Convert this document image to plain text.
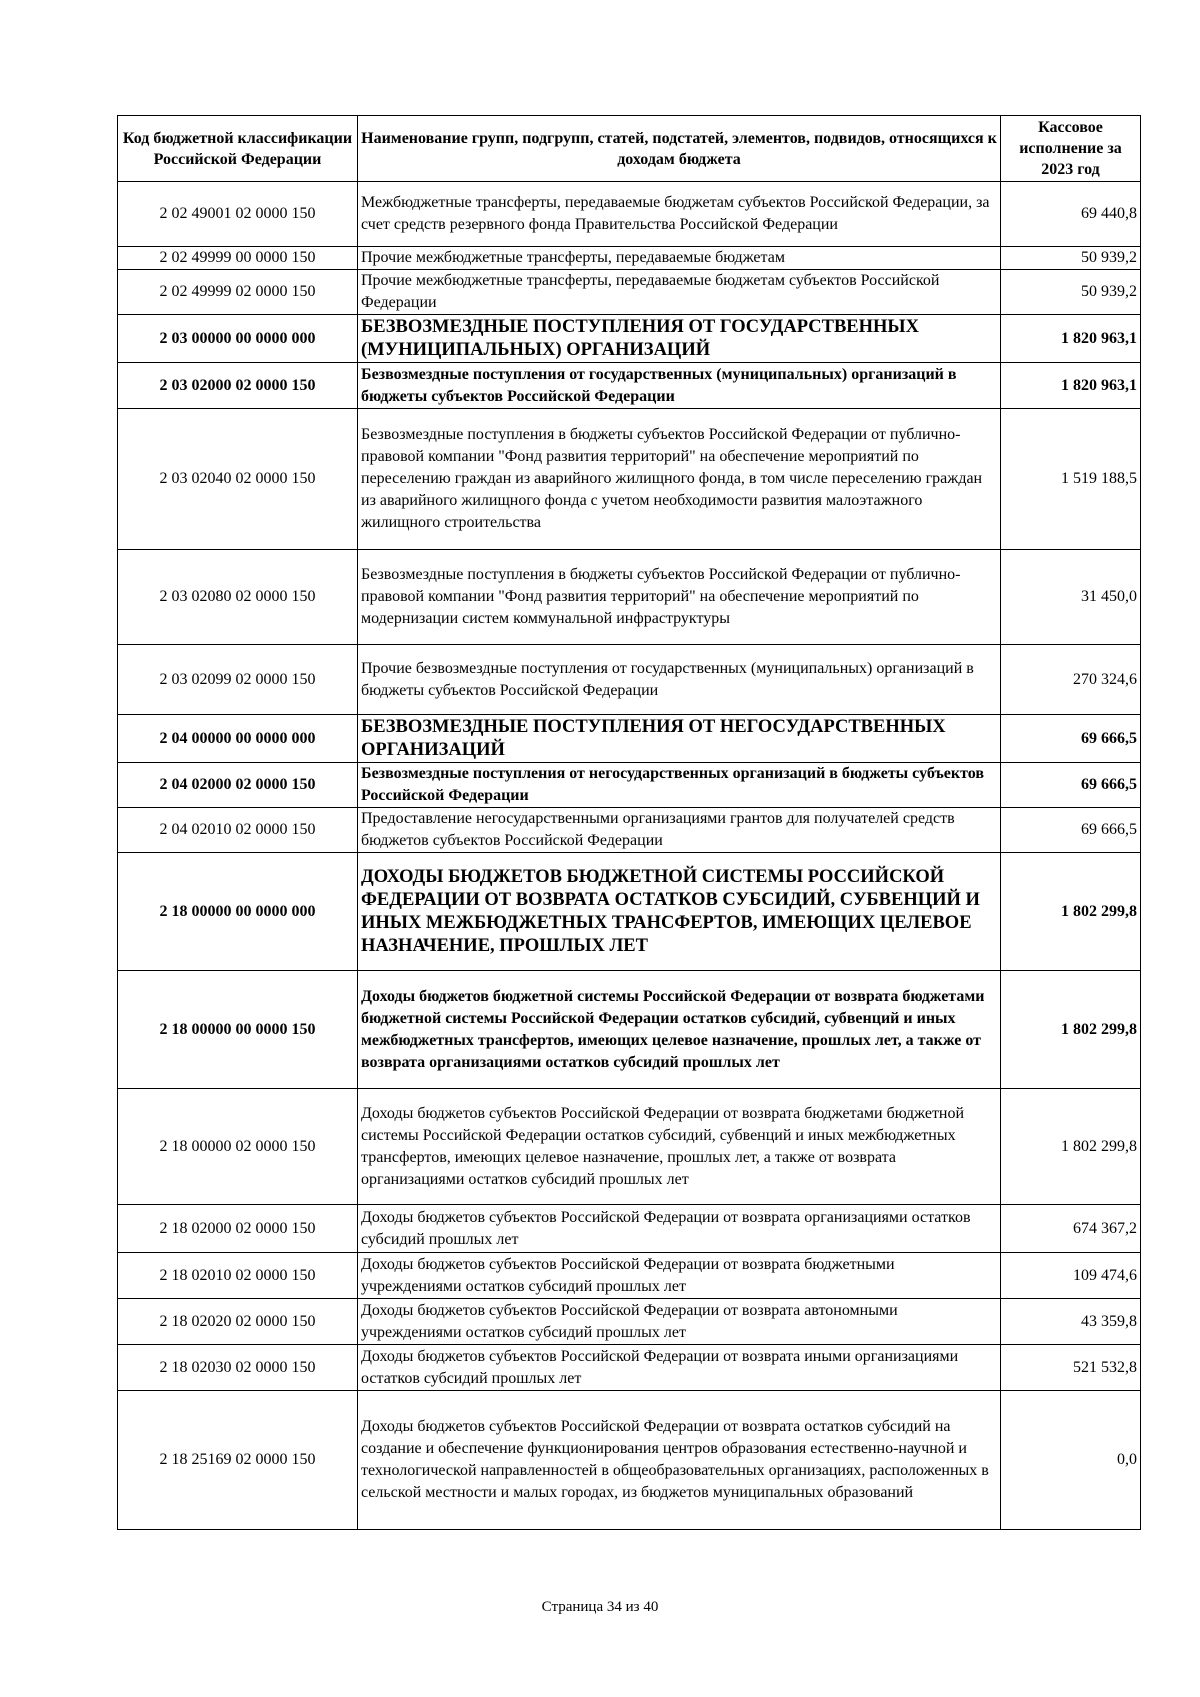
Код бюджетной классификации Российской Федерации	Наименование групп, подгрупп, статей, подстатей, элементов, подвидов, относящихся к доходам бюджета	Кассовое исполнение за 2023 год
2 02 49001 02 0000 150	Межбюджетные трансферты, передаваемые бюджетам субъектов Российской Федерации, за счет средств резервного фонда Правительства Российской Федерации	69 440,8
2 02 49999 00 0000 150	Прочие межбюджетные трансферты, передаваемые бюджетам	50 939,2
2 02 49999 02 0000 150	Прочие межбюджетные трансферты, передаваемые бюджетам субъектов Российской Федерации	50 939,2
2 03 00000 00 0000 000	БЕЗВОЗМЕЗДНЫЕ ПОСТУПЛЕНИЯ ОТ ГОСУДАРСТВЕННЫХ (МУНИЦИПАЛЬНЫХ) ОРГАНИЗАЦИЙ	1 820 963,1
2 03 02000 02 0000 150	Безвозмездные поступления от государственных (муниципальных) организаций в бюджеты субъектов Российской Федерации	1 820 963,1
2 03 02040 02 0000 150	Безвозмездные поступления в бюджеты субъектов Российской Федерации от публично-правовой компании "Фонд развития территорий" на обеспечение мероприятий по переселению граждан из аварийного жилищного фонда, в том числе переселению граждан из аварийного жилищного фонда с учетом необходимости развития малоэтажного жилищного строительства	1 519 188,5
2 03 02080 02 0000 150	Безвозмездные поступления в бюджеты субъектов Российской Федерации от публично-правовой компании "Фонд развития территорий" на обеспечение мероприятий по модернизации систем коммунальной инфраструктуры	31 450,0
2 03 02099 02 0000 150	Прочие безвозмездные поступления от государственных (муниципальных) организаций в бюджеты субъектов Российской Федерации	270 324,6
2 04 00000 00 0000 000	БЕЗВОЗМЕЗДНЫЕ ПОСТУПЛЕНИЯ ОТ НЕГОСУДАРСТВЕННЫХ ОРГАНИЗАЦИЙ	69 666,5
2 04 02000 02 0000 150	Безвозмездные поступления от негосударственных организаций в бюджеты субъектов Российской Федерации	69 666,5
2 04 02010 02 0000 150	Предоставление негосударственными организациями грантов для получателей средств бюджетов субъектов Российской Федерации	69 666,5
2 18 00000 00 0000 000	ДОХОДЫ БЮДЖЕТОВ БЮДЖЕТНОЙ СИСТЕМЫ РОССИЙСКОЙ ФЕДЕРАЦИИ ОТ ВОЗВРАТА ОСТАТКОВ СУБСИДИЙ, СУБВЕНЦИЙ И ИНЫХ МЕЖБЮДЖЕТНЫХ ТРАНСФЕРТОВ, ИМЕЮЩИХ ЦЕЛЕВОЕ НАЗНАЧЕНИЕ, ПРОШЛЫХ ЛЕТ	1 802 299,8
2 18 00000 00 0000 150	Доходы бюджетов бюджетной системы Российской Федерации от возврата бюджетами бюджетной системы Российской Федерации остатков субсидий, субвенций и иных межбюджетных трансфертов, имеющих целевое назначение, прошлых лет, а также от возврата организациями остатков субсидий прошлых лет	1 802 299,8
2 18 00000 02 0000 150	Доходы бюджетов субъектов Российской Федерации от возврата бюджетами бюджетной системы Российской Федерации остатков субсидий, субвенций и иных межбюджетных трансфертов, имеющих целевое назначение, прошлых лет, а также от возврата организациями остатков субсидий прошлых лет	1 802 299,8
2 18 02000 02 0000 150	Доходы бюджетов субъектов Российской Федерации от возврата организациями остатков субсидий прошлых лет	674 367,2
2 18 02010 02 0000 150	Доходы бюджетов субъектов Российской Федерации от возврата бюджетными учреждениями остатков субсидий прошлых лет	109 474,6
2 18 02020 02 0000 150	Доходы бюджетов субъектов Российской Федерации от возврата автономными учреждениями остатков субсидий прошлых лет	43 359,8
2 18 02030 02 0000 150	Доходы бюджетов субъектов Российской Федерации от возврата иными организациями остатков субсидий прошлых лет	521 532,8
2 18 25169 02 0000 150	Доходы бюджетов субъектов Российской Федерации от возврата остатков субсидий на создание и обеспечение функционирования центров образования естественно-научной и технологической направленностей в общеобразовательных организациях, расположенных в сельской местности и малых городах, из бюджетов муниципальных образований	0,0
Страница 34 из 40
